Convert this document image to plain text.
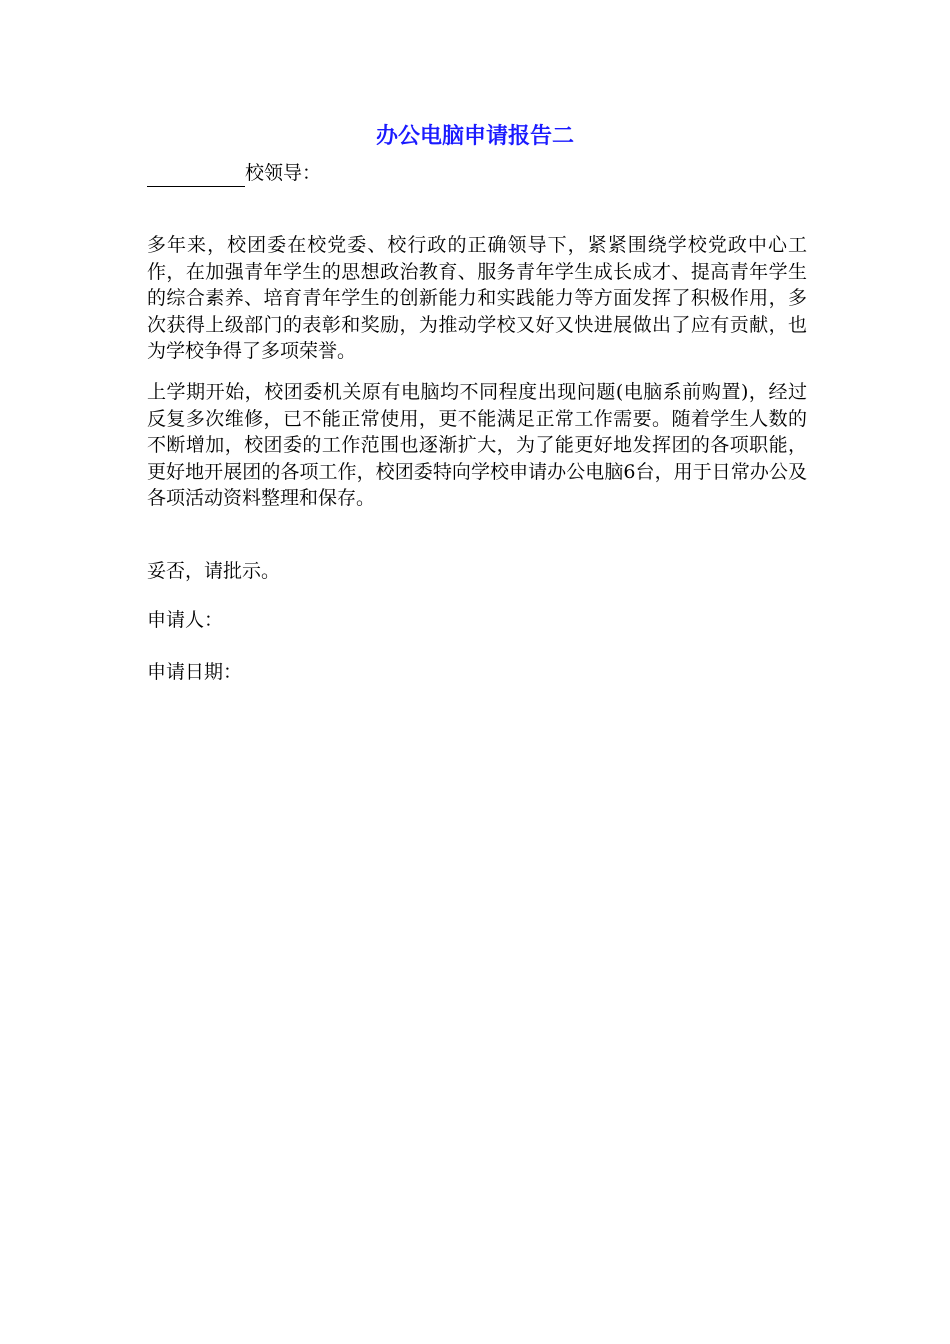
办公电脑申请报告二
校领导：

多年来，校团委在校党委、校行政的正确领导下，紧紧围绕学校党政中心工作，在加强青年学生的思想政治教育、服务青年学生成长成才、提高青年学生的综合素养、培育青年学生的创新能力和实践能力等方面发挥了积极作用，多次获得上级部门的表彰和奖励，为推动学校又好又快进展做出了应有贡献，也为学校争得了多项荣誉。

上学期开始，校团委机关原有电脑均不同程度出现问题(电脑系前购置)，经过反复多次维修，已不能正常使用，更不能满足正常工作需要。随着学生人数的不断增加，校团委的工作范围也逐渐扩大，为了能更好地发挥团的各项职能，更好地开展团的各项工作，校团委特向学校申请办公电脑6台，用于日常办公及各项活动资料整理和保存。

妥否，请批示。

申请人：

申请日期：
